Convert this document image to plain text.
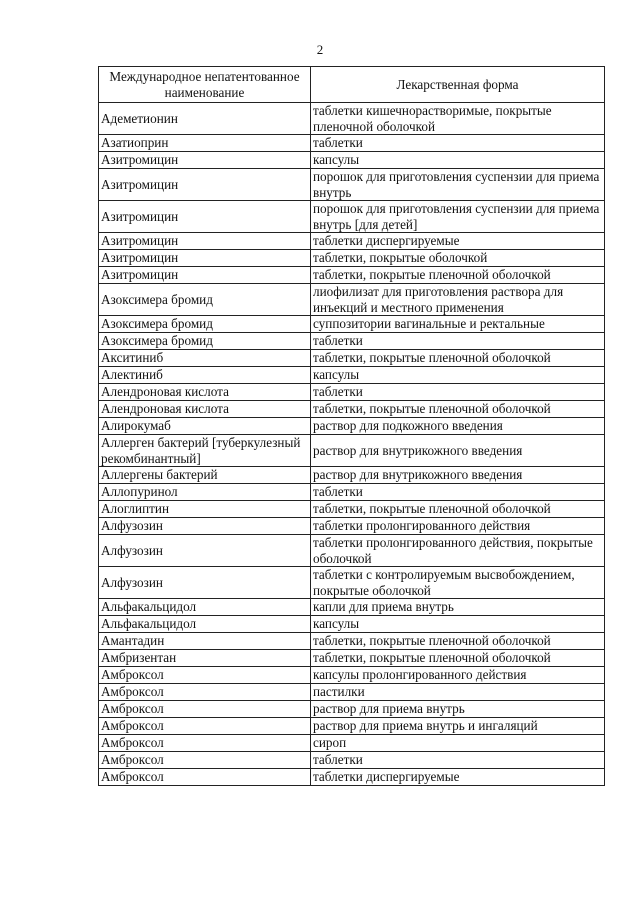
2
Международное непатентованное наименование	Лекарственная форма
Адеметионин	таблетки кишечнорастворимые, покрытые пленочной оболочкой
Азатиоприн	таблетки
Азитромицин	капсулы
Азитромицин	порошок для приготовления суспензии для приема внутрь
Азитромицин	порошок для приготовления суспензии для приема внутрь [для детей]
Азитромицин	таблетки диспергируемые
Азитромицин	таблетки, покрытые оболочкой
Азитромицин	таблетки, покрытые пленочной оболочкой
Азоксимера бромид	лиофилизат для приготовления раствора для инъекций и местного применения
Азоксимера бромид	суппозитории вагинальные и ректальные
Азоксимера бромид	таблетки
Акситиниб	таблетки, покрытые пленочной оболочкой
Алектиниб	капсулы
Алендроновая кислота	таблетки
Алендроновая кислота	таблетки, покрытые пленочной оболочкой
Алирокумаб	раствор для подкожного введения
Аллерген бактерий [туберкулезный рекомбинантный]	раствор для внутрикожного введения
Аллергены бактерий	раствор для внутрикожного введения
Аллопуринол	таблетки
Алоглиптин	таблетки, покрытые пленочной оболочкой
Алфузозин	таблетки пролонгированного действия
Алфузозин	таблетки пролонгированного действия, покрытые оболочкой
Алфузозин	таблетки с контролируемым высвобождением, покрытые оболочкой
Альфакальцидол	капли для приема внутрь
Альфакальцидол	капсулы
Амантадин	таблетки, покрытые пленочной оболочкой
Амбризентан	таблетки, покрытые пленочной оболочкой
Амброксол	капсулы пролонгированного действия
Амброксол	пастилки
Амброксол	раствор для приема внутрь
Амброксол	раствор для приема внутрь и ингаляций
Амброксол	сироп
Амброксол	таблетки
Амброксол	таблетки диспергируемые
